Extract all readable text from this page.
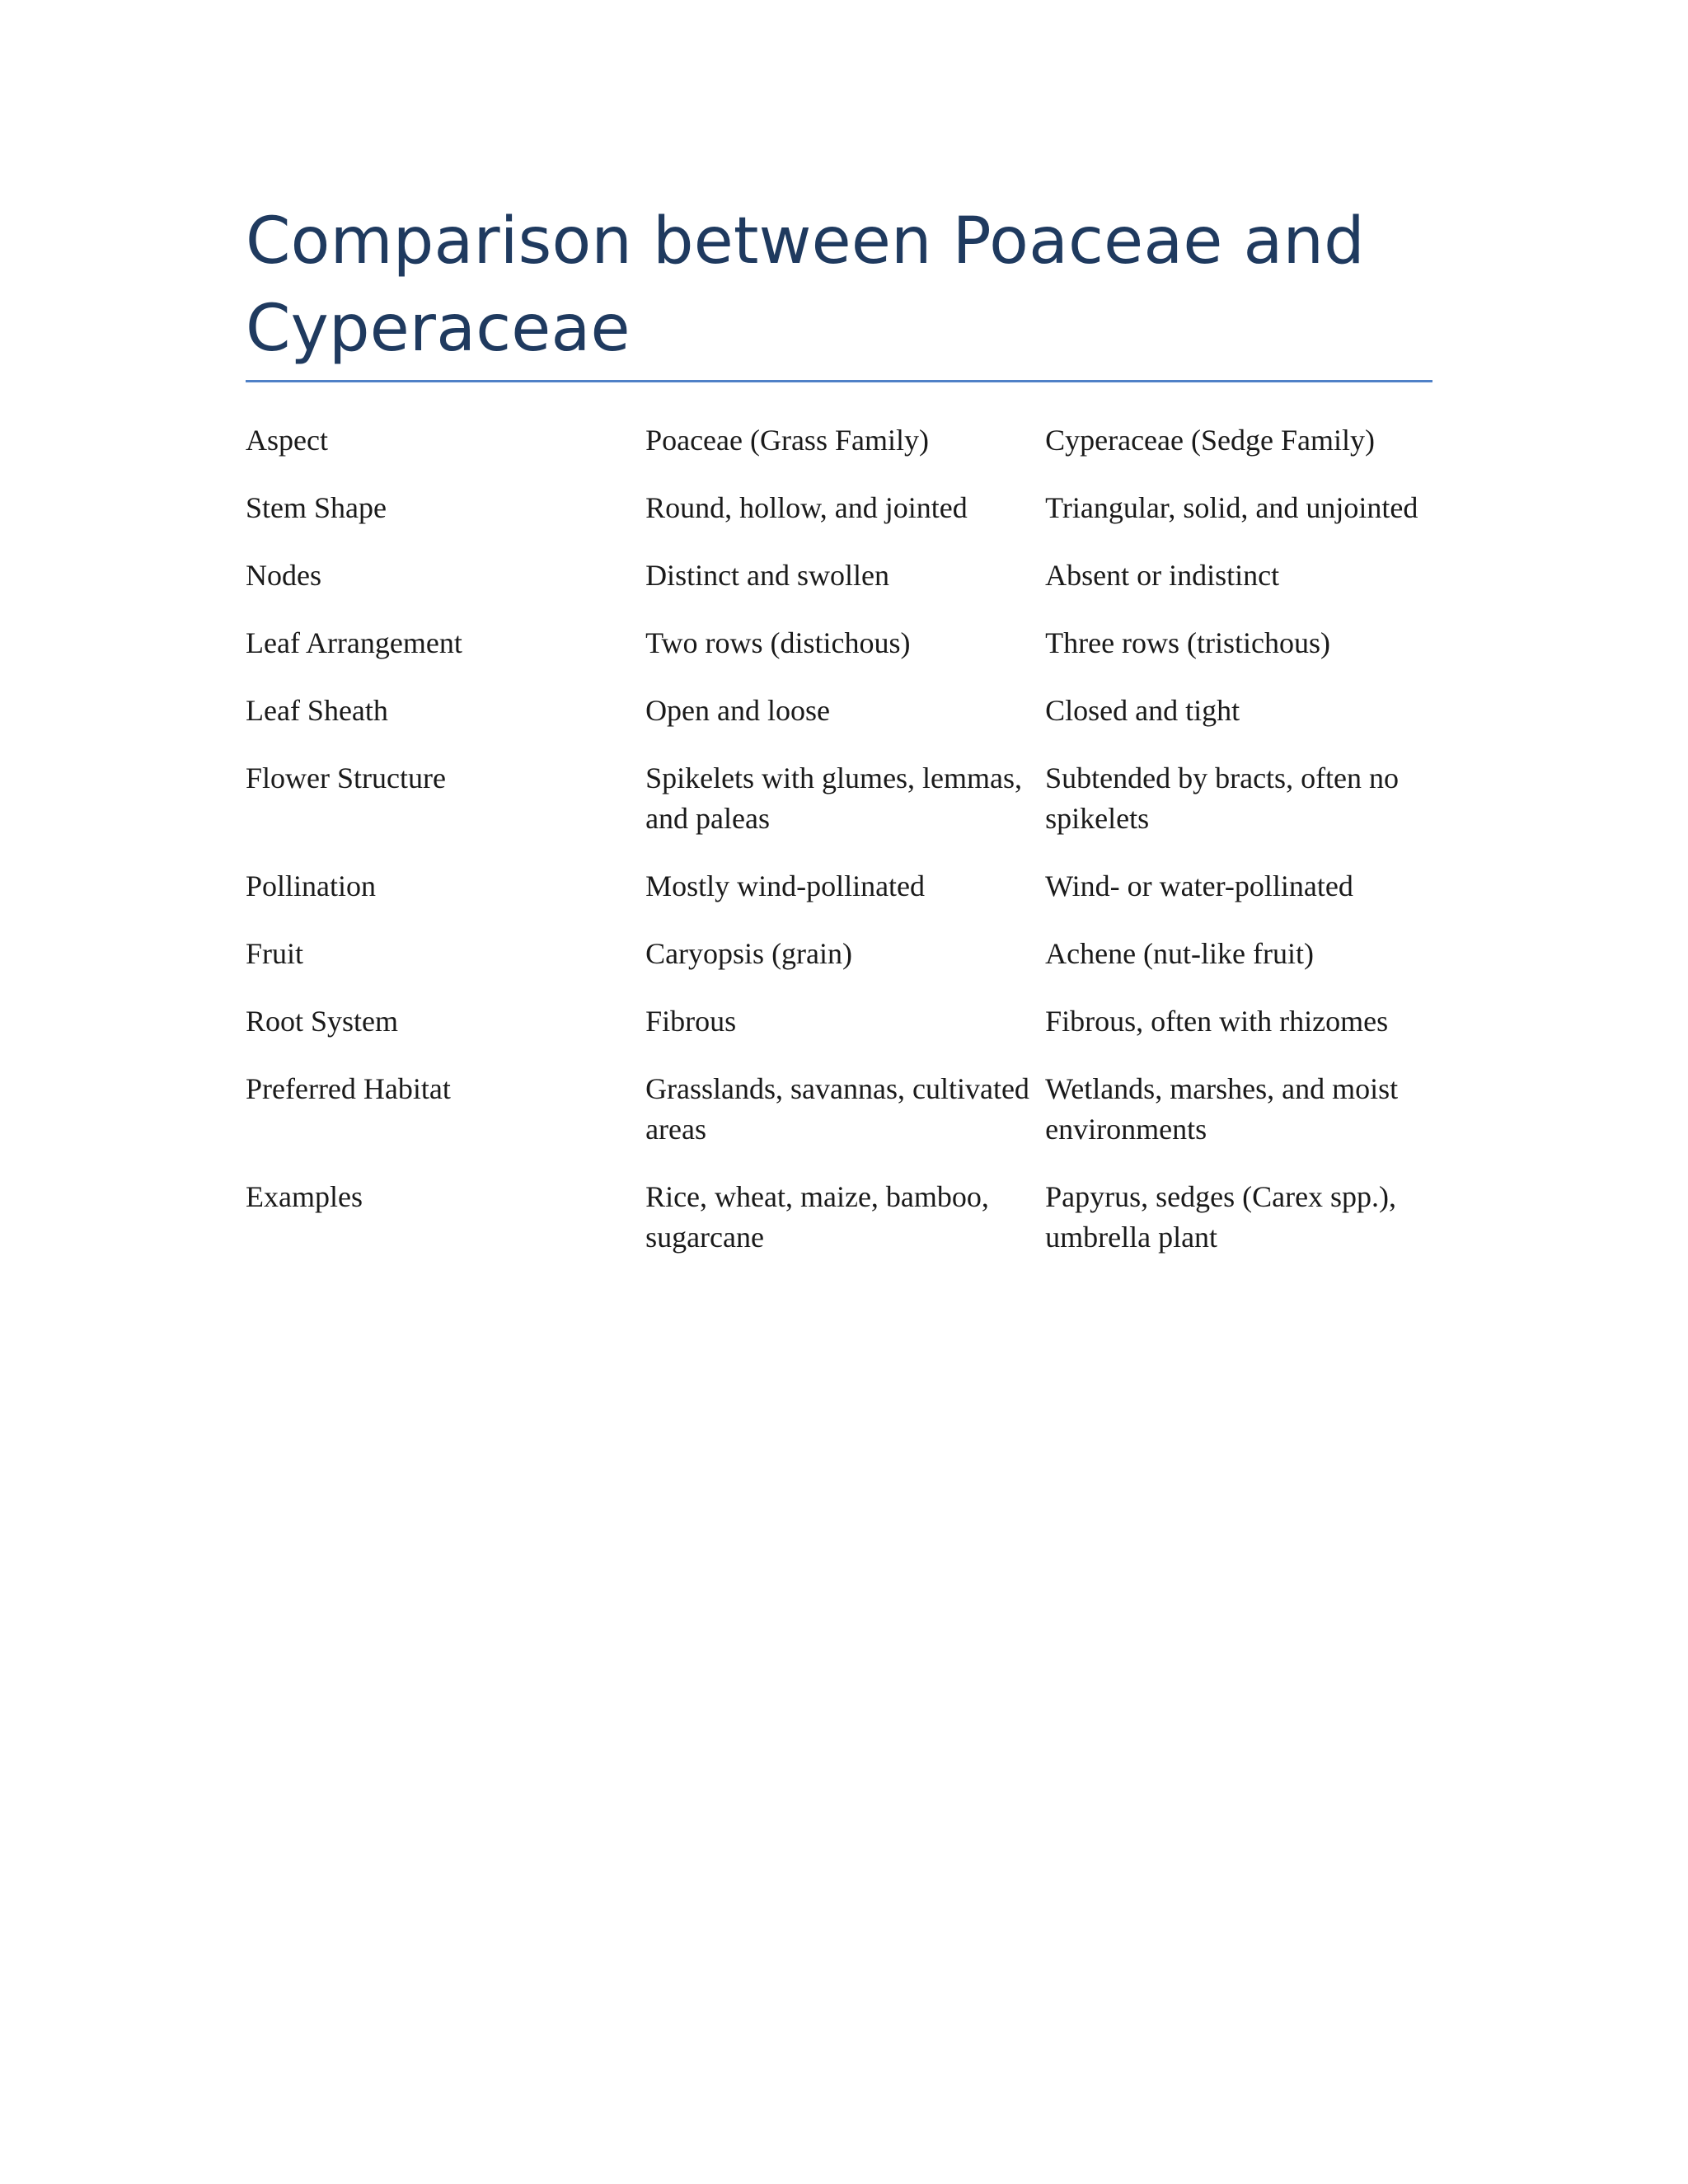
Comparison between Poaceae and Cyperaceae
Aspect	Poaceae (Grass Family)	Cyperaceae (Sedge Family)
Stem Shape	Round, hollow, and jointed	Triangular, solid, and unjointed
Nodes	Distinct and swollen	Absent or indistinct
Leaf Arrangement	Two rows (distichous)	Three rows (tristichous)
Leaf Sheath	Open and loose	Closed and tight
Flower Structure	Spikelets with glumes, lemmas, and paleas	Subtended by bracts, often no spikelets
Pollination	Mostly wind-pollinated	Wind- or water-pollinated
Fruit	Caryopsis (grain)	Achene (nut-like fruit)
Root System	Fibrous	Fibrous, often with rhizomes
Preferred Habitat	Grasslands, savannas, cultivated areas	Wetlands, marshes, and moist environments
Examples	Rice, wheat, maize, bamboo, sugarcane	Papyrus, sedges (Carex spp.), umbrella plant
